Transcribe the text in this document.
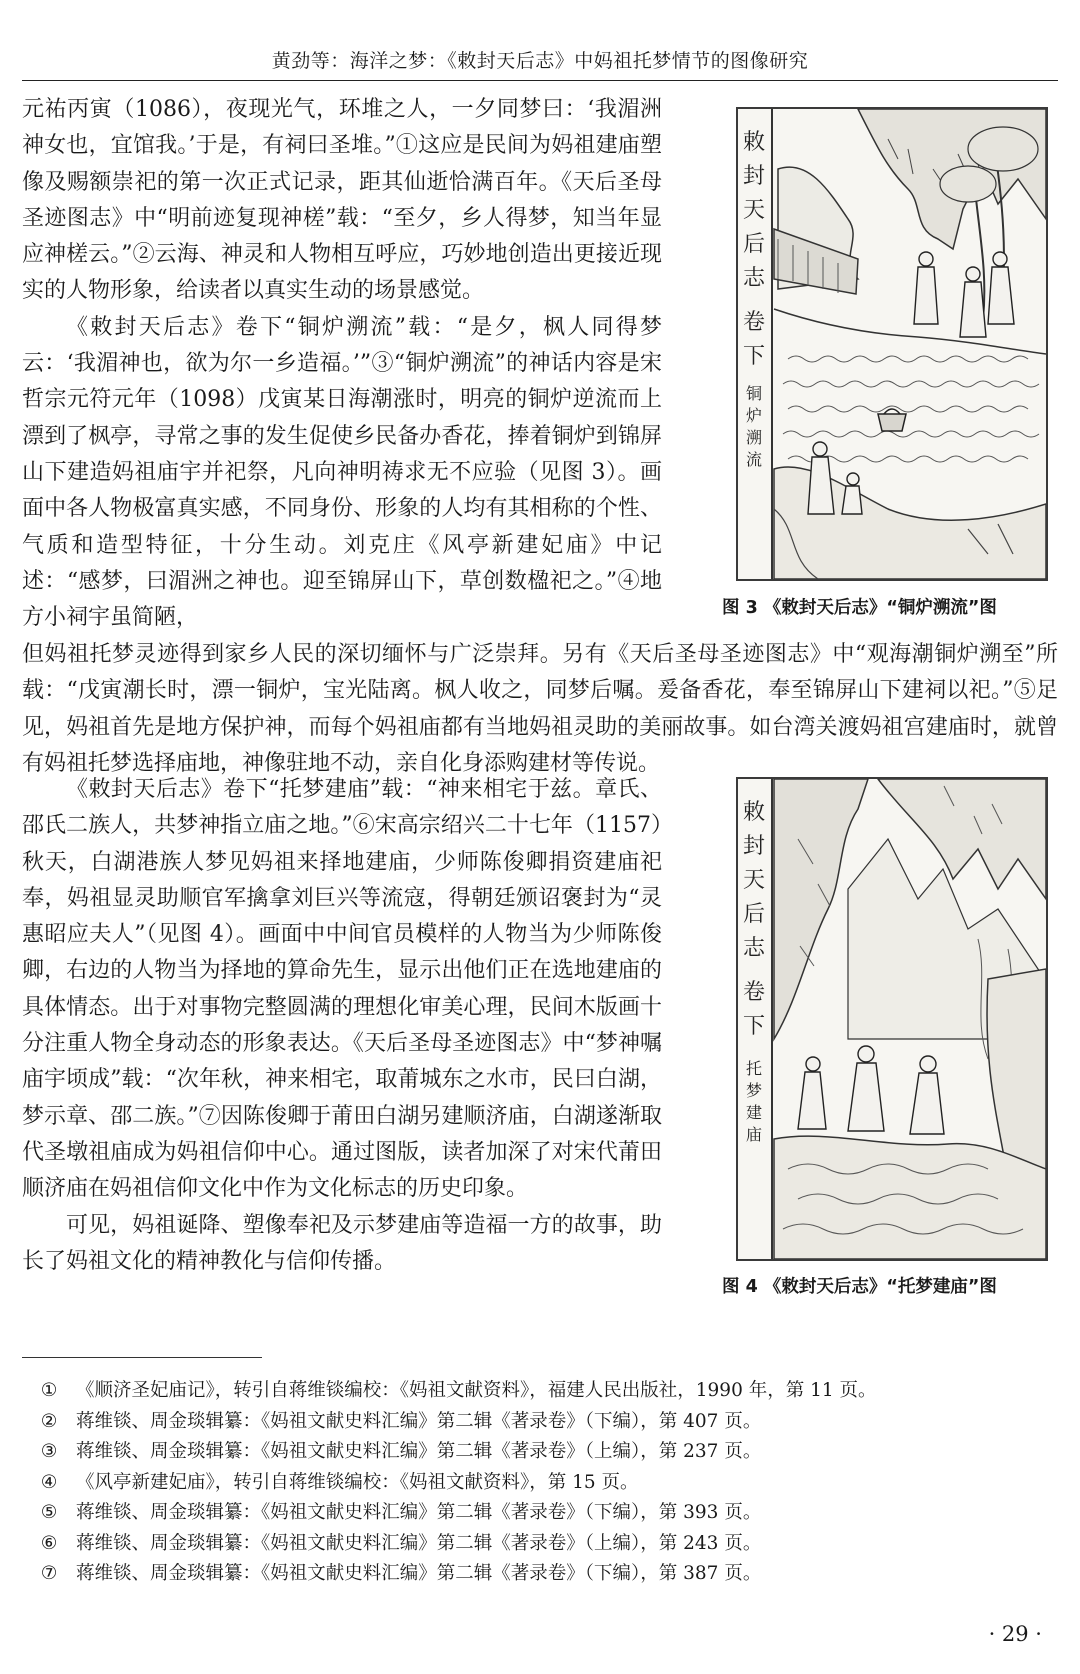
黄劲等：海洋之梦：《敕封天后志》中妈祖托梦情节的图像研究

元祐丙寅（1086），夜现光气，环堆之人，一夕同梦曰：‘我湄洲神女也，宜馆我。’于是，有祠曰圣堆。”①这应是民间为妈祖建庙塑像及赐额崇祀的第一次正式记录，距其仙逝恰满百年。《天后圣母圣迹图志》中“明前迹复现神槎”载：“至夕，乡人得梦，知当年显应神槎云。”②云海、神灵和人物相互呼应，巧妙地创造出更接近现实的人物形象，给读者以真实生动的场景感觉。

《敕封天后志》卷下“铜炉溯流”载：“是夕，枫人同得梦云：‘我湄神也，欲为尔一乡造福。’”③“铜炉溯流”的神话内容是宋哲宗元符元年（1098）戊寅某日海潮涨时，明亮的铜炉逆流而上漂到了枫亭，寻常之事的发生促使乡民备办香花，捧着铜炉到锦屏山下建造妈祖庙宇并祀祭，凡向神明祷求无不应验（见图 3）。画面中各人物极富真实感，不同身份、形象的人均有其相称的个性、气质和造型特征，十分生动。刘克庄《风亭新建妃庙》中记述：“感梦，曰湄洲之神也。迎至锦屏山下，草创数楹祀之。”④地方小祠宇虽简陋，

但妈祖托梦灵迹得到家乡人民的深切缅怀与广泛崇拜。另有《天后圣母圣迹图志》中“观海潮铜炉溯至”所载：“戊寅潮长时，漂一铜炉，宝光陆离。枫人收之，同梦后嘱。爰备香花，奉至锦屏山下建祠以祀。”⑤足见，妈祖首先是地方保护神，而每个妈祖庙都有当地妈祖灵助的美丽故事。如台湾关渡妈祖宫建庙时，就曾有妈祖托梦选择庙地，神像驻地不动，亲自化身添购建材等传说。

《敕封天后志》卷下“托梦建庙”载：“神来相宅于兹。章氏、邵氏二族人，共梦神指立庙之地。”⑥宋高宗绍兴二十七年（1157）秋天，白湖港族人梦见妈祖来择地建庙，少师陈俊卿捐资建庙祀奉，妈祖显灵助顺官军擒拿刘巨兴等流寇，得朝廷颁诏褒封为“灵惠昭应夫人”（见图 4）。画面中中间官员模样的人物当为少师陈俊卿，右边的人物当为择地的算命先生，显示出他们正在选地建庙的具体情态。出于对事物完整圆满的理想化审美心理，民间木版画十分注重人物全身动态的形象表达。《天后圣母圣迹图志》中“梦神嘱庙宇顷成”载：“次年秋，神来相宅，取莆城东之水市，民曰白湖，梦示章、邵二族。”⑦因陈俊卿于莆田白湖另建顺济庙，白湖遂渐取代圣墩祖庙成为妈祖信仰中心。通过图版，读者加深了对宋代莆田顺济庙在妈祖信仰文化中作为文化标志的历史印象。

可见，妈祖诞降、塑像奉祀及示梦建庙等造福一方的故事，助长了妈祖文化的精神教化与信仰传播。

敕
封
天
后
志
卷
下
铜
炉
溯
流
图 3 《敕封天后志》“铜炉溯流”图
敕
封
天
后
志
卷
下
托
梦
建
庙
图 4 《敕封天后志》“托梦建庙”图
① 《顺济圣妃庙记》，转引自蒋维锬编校：《妈祖文献资料》，福建人民出版社，1990 年，第 11 页。
② 蒋维锬、周金琰辑纂：《妈祖文献史料汇编》第二辑《著录卷》（下编），第 407 页。
③ 蒋维锬、周金琰辑纂：《妈祖文献史料汇编》第二辑《著录卷》（上编），第 237 页。
④ 《风亭新建妃庙》，转引自蒋维锬编校：《妈祖文献资料》，第 15 页。
⑤ 蒋维锬、周金琰辑纂：《妈祖文献史料汇编》第二辑《著录卷》（下编），第 393 页。
⑥ 蒋维锬、周金琰辑纂：《妈祖文献史料汇编》第二辑《著录卷》（上编），第 243 页。
⑦ 蒋维锬、周金琰辑纂：《妈祖文献史料汇编》第二辑《著录卷》（下编），第 387 页。
· 29 ·
